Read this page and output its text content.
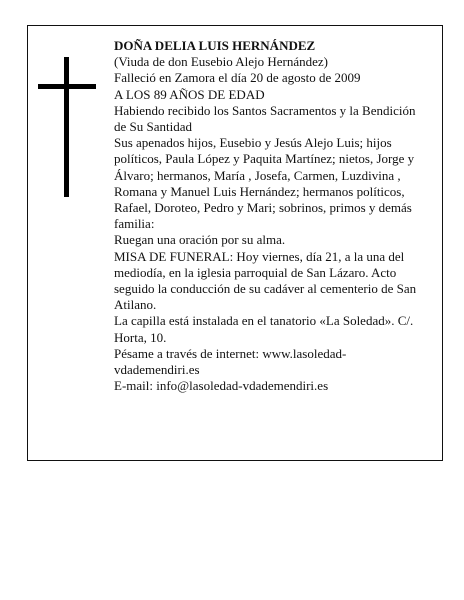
DOÑA DELIA LUIS HERNÁNDEZ

(Viuda de don Eusebio Alejo Hernández)

Falleció en Zamora el día 20 de agosto de 2009

A LOS 89 AÑOS DE EDAD

Habiendo recibido los Santos Sacramentos y la Bendición de Su Santidad

Sus apenados hijos, Eusebio y Jesús Alejo Luis; hijos políticos, Paula López y Paquita Martínez; nietos, Jorge y Álvaro; hermanos, María , Josefa, Carmen, Luzdivina , Romana y Manuel Luis Hernández; hermanos políticos, Rafael, Doroteo, Pedro y Mari; sobrinos, primos y demás familia:

Ruegan una oración por su alma.

MISA DE FUNERAL: Hoy viernes, día 21, a la una del mediodía, en la iglesia parroquial de San Lázaro. Acto seguido la conducción de su cadáver al cementerio de San Atilano.

La capilla está instalada en el tanatorio «La Soledad». C/. Horta, 10.

Pésame a través de internet: www.lasoledad-vdademendiri.es

E-mail: info@lasoledad-vdademendiri.es
